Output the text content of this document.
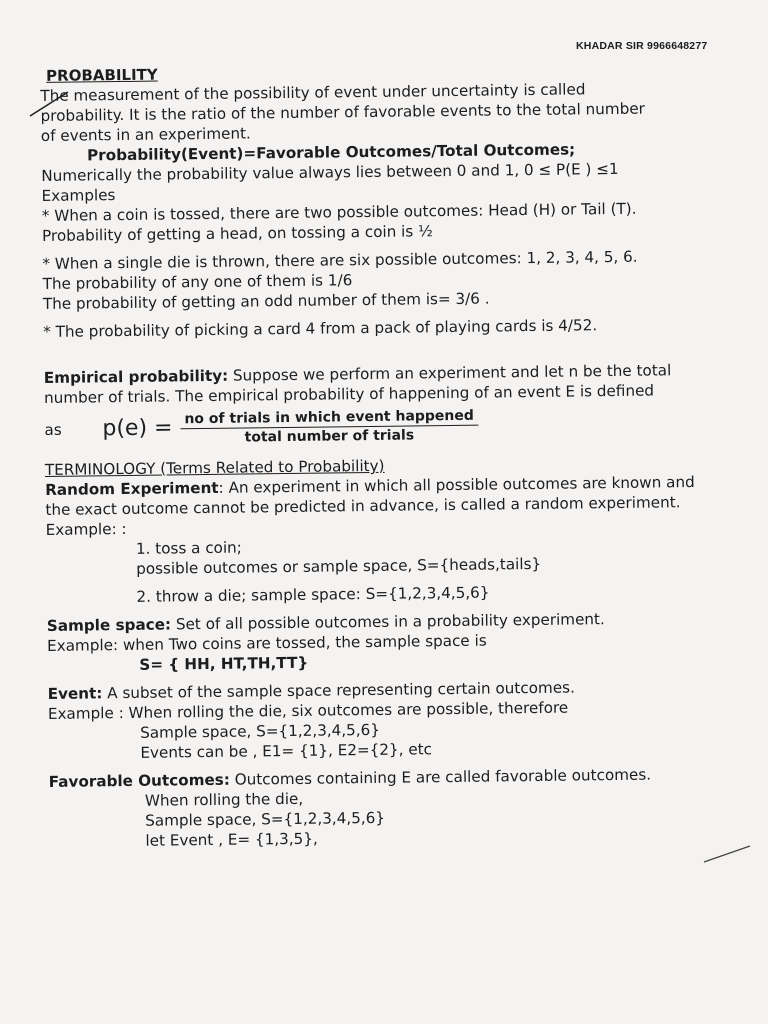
KHADAR SIR 9966648277

PROBABILITY

The measurement of the possibility of event under uncertainty is called

probability. It is the ratio of the number of favorable events to the total number

of events in an experiment.

Probability(Event)=Favorable Outcomes/Total Outcomes;

Numerically the probability value always lies between 0 and 1, 0 ≤ P(E ) ≤1

Examples

* When a coin is tossed, there are two possible outcomes: Head (H) or Tail (T).

Probability of getting a head, on tossing a coin is ½

* When a single die is thrown, there are six possible outcomes: 1, 2, 3, 4, 5, 6.

The probability of any one of them is 1/6

The probability of getting an odd number of them is= 3/6 .

* The probability of picking a card 4 from a pack of playing cards is 4/52.

Empirical probability: Suppose we perform an experiment and let n be the total

number of trials. The empirical probability of happening of an event E is defined

as	$p(e) = \frac{\text{no of trials in which event happened}}{\text{total number of trials}}$

TERMINOLOGY (Terms Related to Probability)

Random Experiment: An experiment in which all possible outcomes are known and

the exact outcome cannot be predicted in advance, is called a random experiment.

Example: :

1. toss a coin;

possible outcomes or sample space, S={heads,tails}

2. throw a die; sample space: S={1,2,3,4,5,6}

Sample space: Set of all possible outcomes in a probability experiment.

Example: when Two coins are tossed, the sample space is

S= { HH, HT,TH,TT}

Event: A subset of the sample space representing certain outcomes.

Example : When rolling the die, six outcomes are possible, therefore

Sample space, S={1,2,3,4,5,6}

Events can be , E1= {1}, E2={2}, etc

Favorable Outcomes: Outcomes containing E are called favorable outcomes.

When rolling the die,

Sample space, S={1,2,3,4,5,6}

let Event , E= {1,3,5},
